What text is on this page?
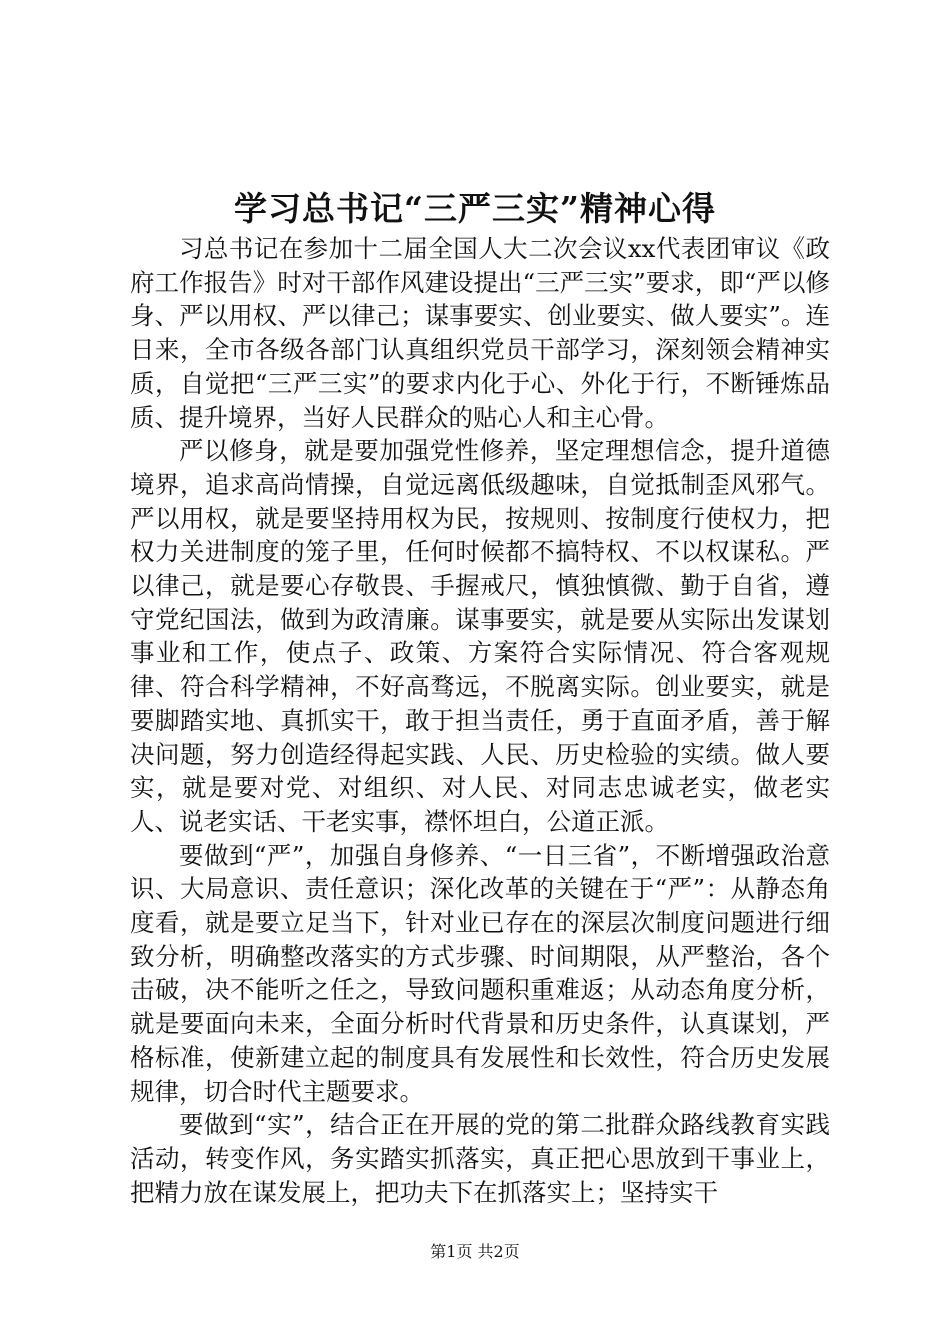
学习总书记“三严三实”精神心得

习总书记在参加十二届全国人大二次会议xx代表团审议《政府工作报告》时对干部作风建设提出“三严三实”要求，即“严以修身、严以用权、严以律己；谋事要实、创业要实、做人要实”。连日来，全市各级各部门认真组织党员干部学习，深刻领会精神实质，自觉把“三严三实”的要求内化于心、外化于行，不断锤炼品质、提升境界，当好人民群众的贴心人和主心骨。

严以修身，就是要加强党性修养，坚定理想信念，提升道德境界，追求高尚情操，自觉远离低级趣味，自觉抵制歪风邪气。严以用权，就是要坚持用权为民，按规则、按制度行使权力，把权力关进制度的笼子里，任何时候都不搞特权、不以权谋私。严以律己，就是要心存敬畏、手握戒尺，慎独慎微、勤于自省，遵守党纪国法，做到为政清廉。谋事要实，就是要从实际出发谋划事业和工作，使点子、政策、方案符合实际情况、符合客观规律、符合科学精神，不好高骛远，不脱离实际。创业要实，就是要脚踏实地、真抓实干，敢于担当责任，勇于直面矛盾，善于解决问题，努力创造经得起实践、人民、历史检验的实绩。做人要实，就是要对党、对组织、对人民、对同志忠诚老实，做老实人、说老实话、干老实事，襟怀坦白，公道正派。

要做到“严”，加强自身修养、“一日三省”，不断增强政治意识、大局意识、责任意识；深化改革的关键在于“严”：从静态角度看，就是要立足当下，针对业已存在的深层次制度问题进行细致分析，明确整改落实的方式步骤、时间期限，从严整治，各个击破，决不能听之任之，导致问题积重难返；从动态角度分析，就是要面向未来，全面分析时代背景和历史条件，认真谋划，严格标准，使新建立起的制度具有发展性和长效性，符合历史发展规律，切合时代主题要求。

要做到“实”，结合正在开展的党的第二批群众路线教育实践活动，转变作风，务实踏实抓落实，真正把心思放到干事业上，把精力放在谋发展上，把功夫下在抓落实上；坚持实干

第1页 共2页
